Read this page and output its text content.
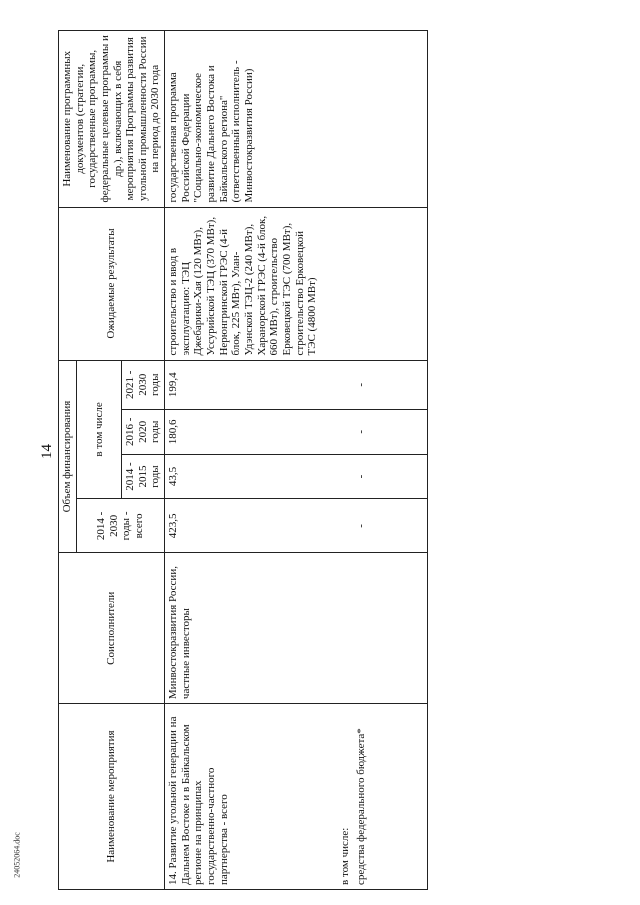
14
24052064.doc	Наименование мероприятия	Соисполнители	Объем финансирования				Ожидаемые результаты	Наименование программных документов (стратегии, государственные программы, федеральные целевые программы и др.), включающих в себя мероприятия Программы развития угольной промышленности России на период до 2030 года
		2014 - 2030 годы - всего	в том числе				
			2014 - 2015 годы	2016 - 2020 годы	2021 - 2030 годы		
14. Развитие угольной генерации на Дальнем Востоке и в Байкальском регионе на принципах государственно-частного партнерства - всего	Минвостокразвития России, частные инвесторы	423,5	43,5	180,6	199,4	строительство и ввод в эксплуатацию: ТЭЦ Джебарики-Хая (120 МВт), Уссурийской ТЭЦ (370 МВт), Нерюнгринской ГРЭС (4-й блок, 225 МВт), Улан-Удэнской ТЭЦ-2 (240 МВт), Харанорской ГРЭС (4-й блок, 660 МВт), строительство Ерковецкой ТЭС (700 МВт), строительство Ерковецкой ТЭС (4800 МВт)	государственная программа Российской Федерации "Социально-экономическое развитие Дальнего Востока и Байкальского региона" (ответственный исполнитель - Минвостокразвития России)
в том числе:							
средства федерального бюджета*		-	-	-	-		
